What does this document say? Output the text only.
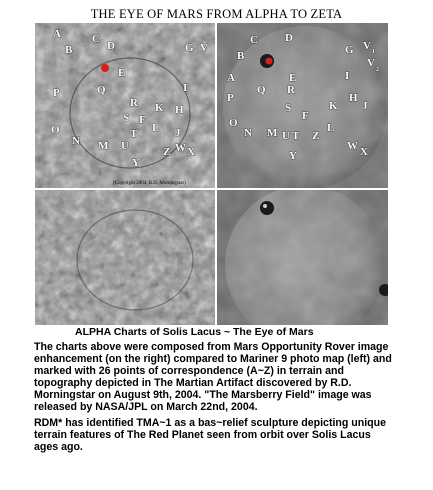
THE EYE OF MARS FROM ALPHA TO ZETA
A
B
C
D
E
G V
I
P	Q
R
S
H
F
J
O
N
L
K
T
M U	W X
Y
Z
(Copyright 2004, R.D. Morningstar)
A
B
C D
E
G V 1
V
2
I
H
P
Q R
S	J
K
F
O
N	L
M T
U
Y
W X
Z
ALPHA Charts of Solis Lacus ~ The Eye of Mars

The charts above were composed from Mars Opportunity Rover image enhancement (on the right) compared to Mariner 9 photo map (left) and marked with 26 points of correspondence (A~Z) in terrain and topography depicted in The Martian Artifact discovered by R.D. Morningstar on August 9th, 2004. "The Marsberry Field" image was released by NASA/JPL on March 22nd, 2004.

RDM* has identified TMA~1 as a bas~relief sculpture depicting unique terrain features of The Red Planet seen from orbit over Solis Lacus ages ago.
